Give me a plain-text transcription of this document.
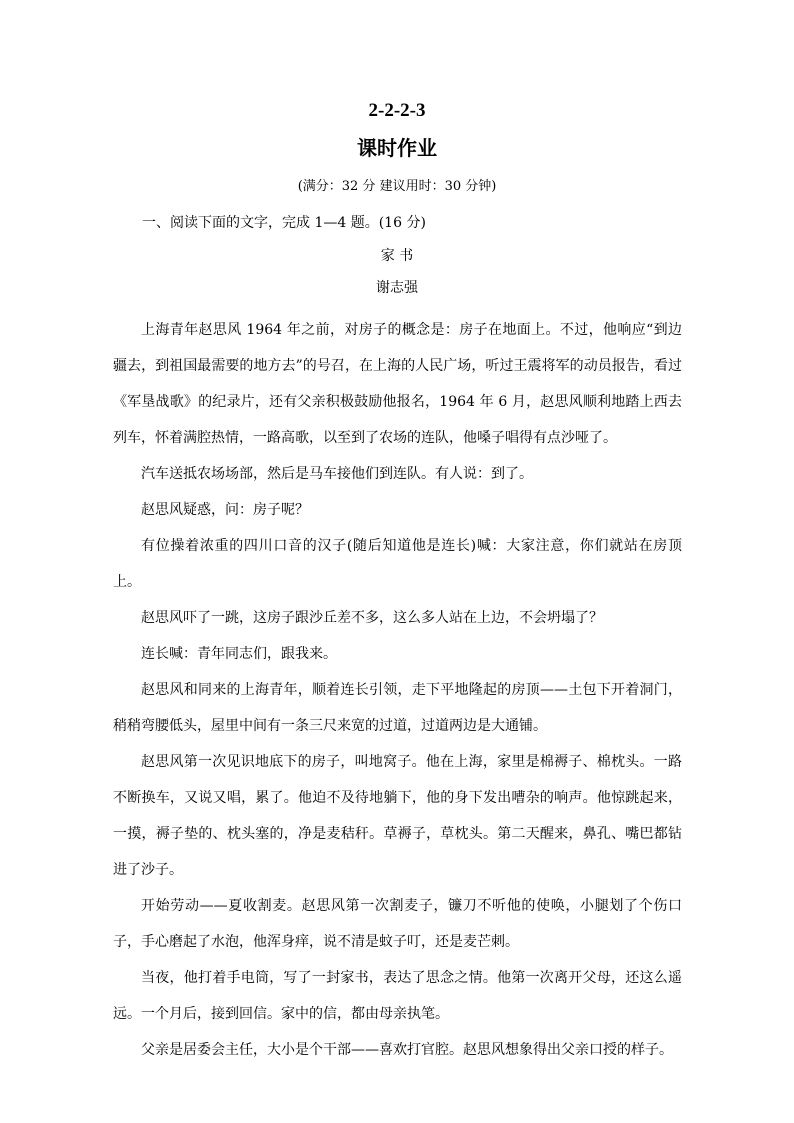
2-2-2-3
课时作业
(满分：32 分 建议用时：30 分钟)
一、阅读下面的文字，完成 1—4 题。(16 分)
家 书
谢志强

上海青年赵思风 1964 年之前，对房子的概念是：房子在地面上。不过，他响应“到边疆去，到祖国最需要的地方去”的号召，在上海的人民广场，听过王震将军的动员报告，看过《军垦战歌》的纪录片，还有父亲积极鼓励他报名，1964 年 6 月，赵思风顺利地踏上西去列车，怀着满腔热情，一路高歌，以至到了农场的连队，他嗓子唱得有点沙哑了。

汽车送抵农场场部，然后是马车接他们到连队。有人说：到了。

赵思风疑惑，问：房子呢？

有位操着浓重的四川口音的汉子(随后知道他是连长)喊：大家注意，你们就站在房顶上。

赵思风吓了一跳，这房子跟沙丘差不多，这么多人站在上边，不会坍塌了？

连长喊：青年同志们，跟我来。

赵思风和同来的上海青年，顺着连长引领，走下平地隆起的房顶——土包下开着洞门，稍稍弯腰低头，屋里中间有一条三尺来宽的过道，过道两边是大通铺。

赵思风第一次见识地底下的房子，叫地窝子。他在上海，家里是棉褥子、棉枕头。一路不断换车，又说又唱，累了。他迫不及待地躺下，他的身下发出嘈杂的响声。他惊跳起来，一摸，褥子垫的、枕头塞的，净是麦秸秆。草褥子，草枕头。第二天醒来，鼻孔、嘴巴都钻进了沙子。

开始劳动——夏收割麦。赵思风第一次割麦子，镰刀不听他的使唤，小腿划了个伤口子，手心磨起了水泡，他浑身痒，说不清是蚊子叮，还是麦芒刺。

当夜，他打着手电筒，写了一封家书，表达了思念之情。他第一次离开父母，还这么遥远。一个月后，接到回信。家中的信，都由母亲执笔。

父亲是居委会主任，大小是个干部——喜欢打官腔。赵思风想象得出父亲口授的样子。
